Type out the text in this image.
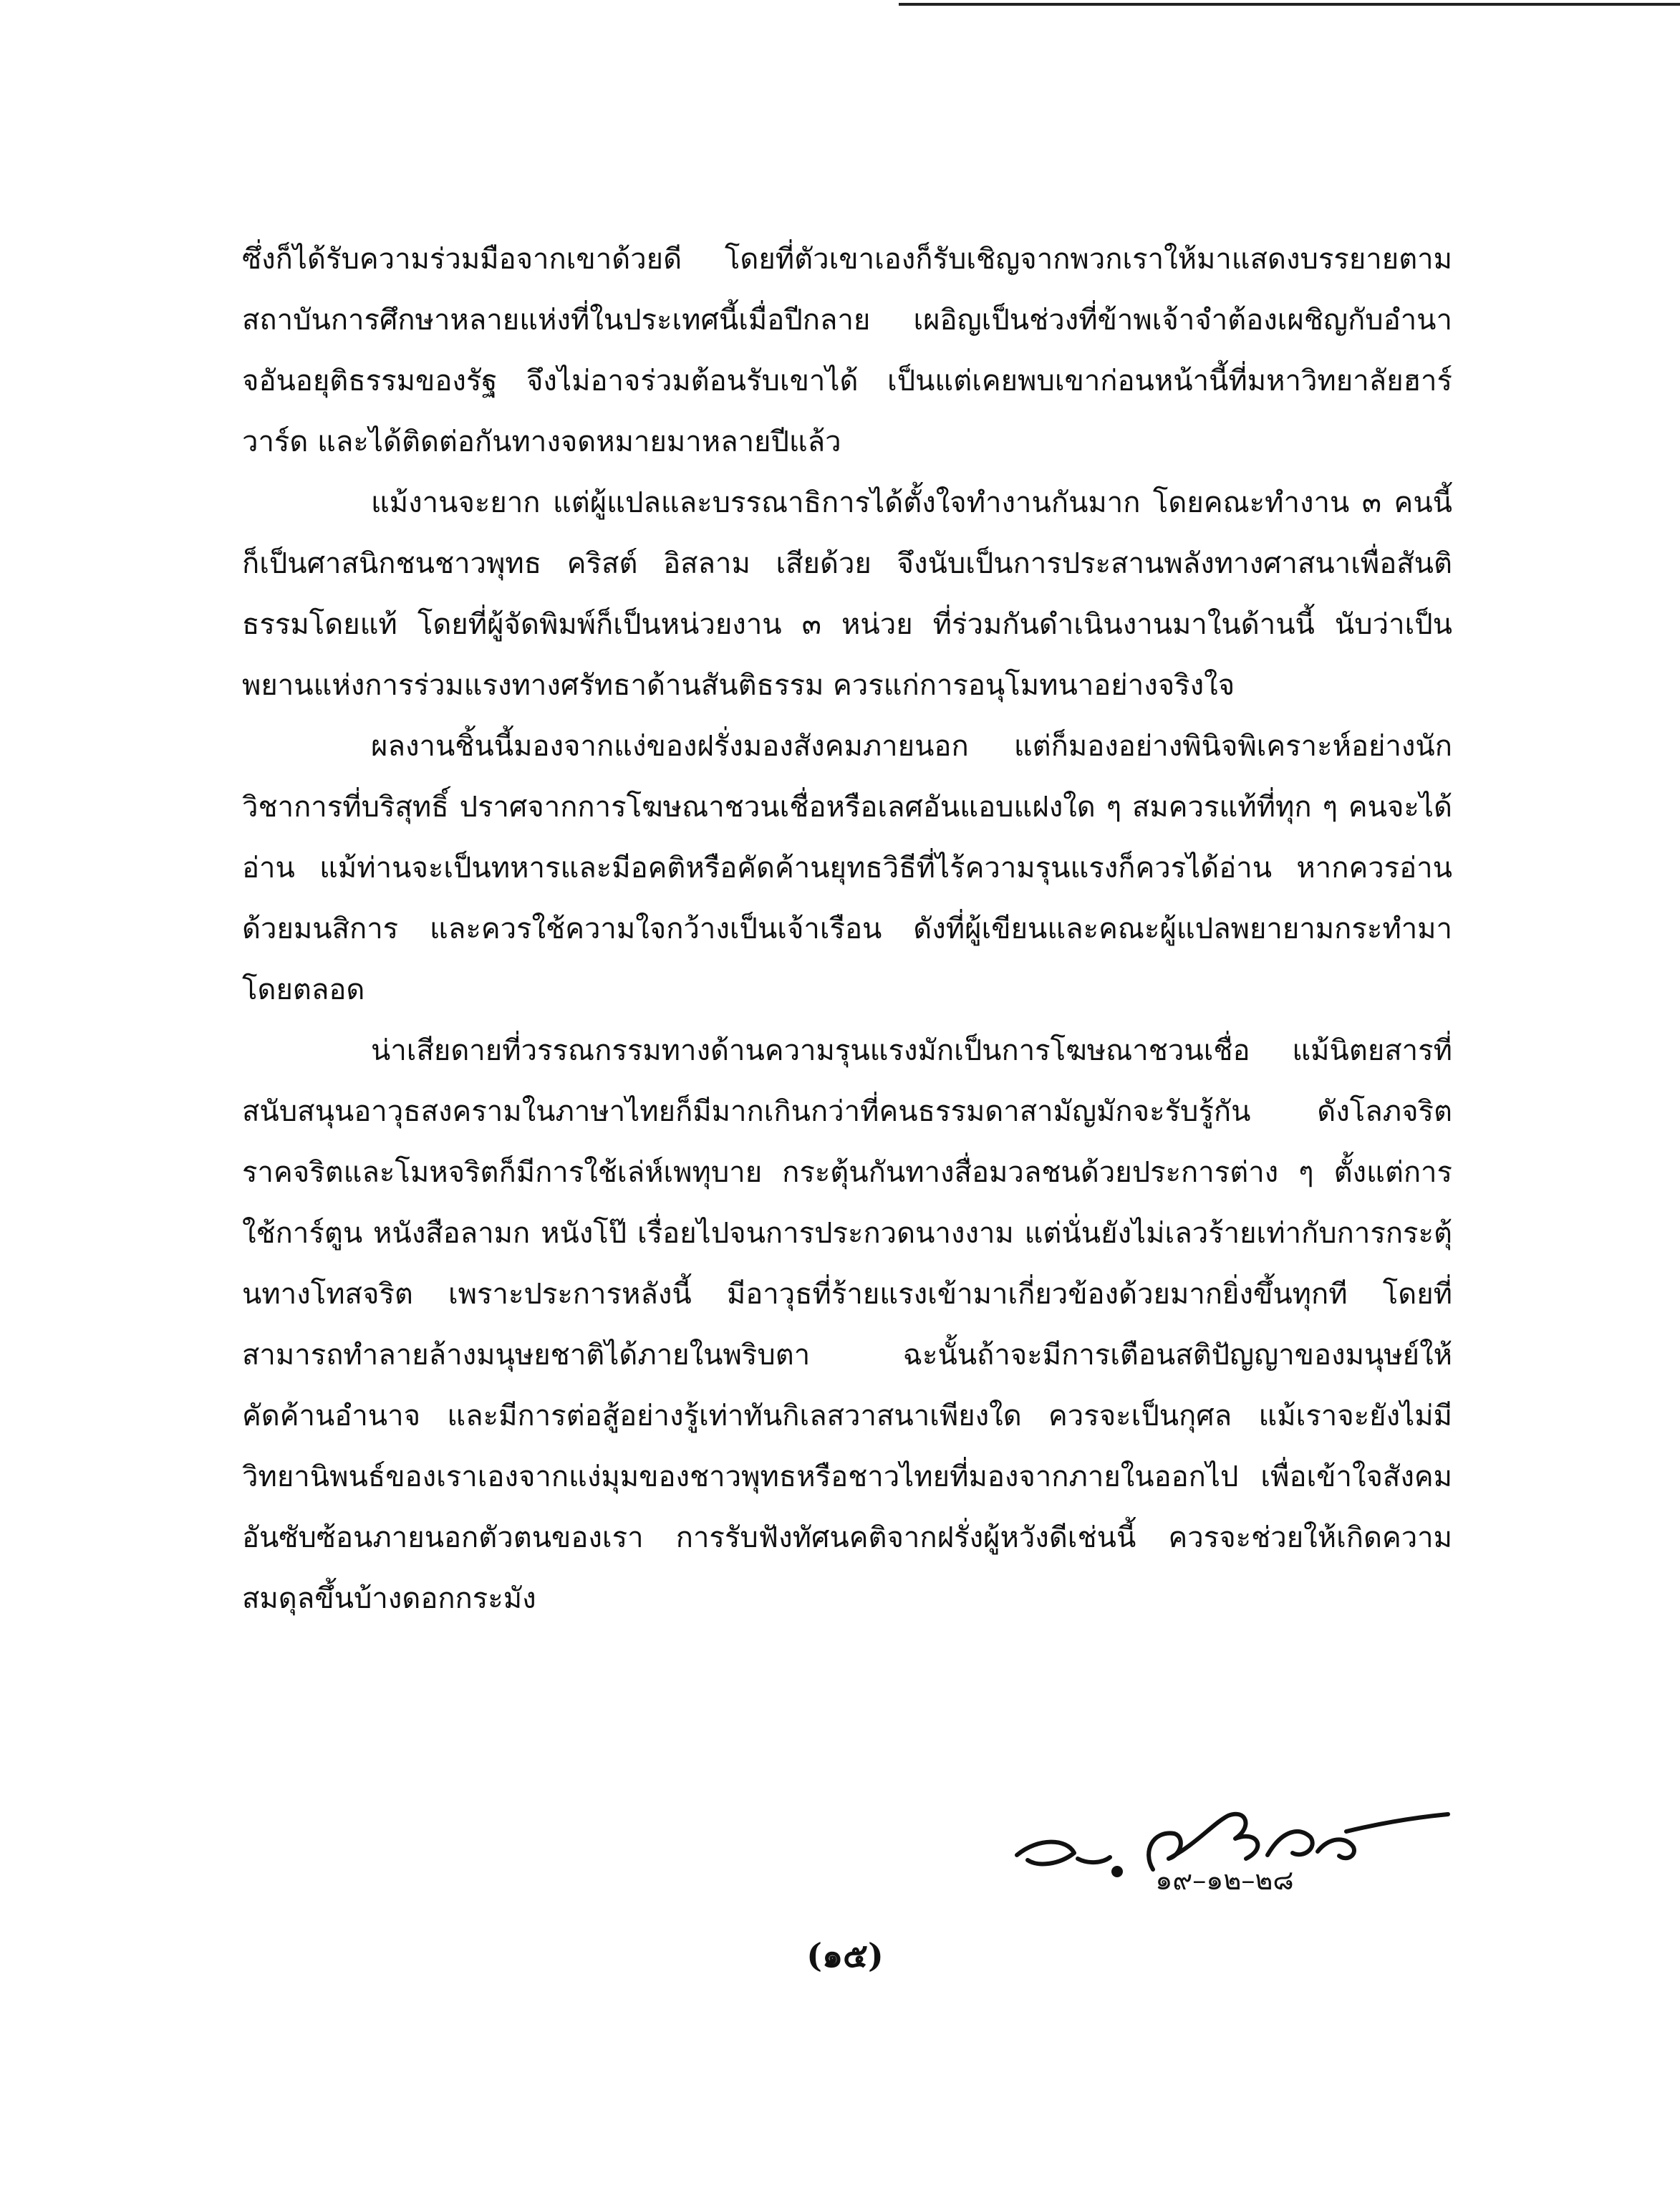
ซึ่งก็ได้รับความร่วมมือจากเขาด้วยดี โดยที่ตัวเขาเองก็รับเชิญจากพวกเราให้มาแสดงบรรยายตามสถาบันการศึกษาหลายแห่งที่ในประเทศนี้เมื่อปีกลาย เผอิญเป็นช่วงที่ข้าพเจ้าจำต้องเผชิญกับอำนาจอันอยุติธรรมของรัฐ จึงไม่อาจร่วมต้อนรับเขาได้ เป็นแต่เคยพบเขาก่อนหน้านี้ที่มหาวิทยาลัยฮาร์วาร์ด และได้ติดต่อกันทางจดหมายมาหลายปีแล้ว

แม้งานจะยาก แต่ผู้แปลและบรรณาธิการได้ตั้งใจทำงานกันมาก โดยคณะทำงาน ๓ คนนี้ ก็เป็นศาสนิกชนชาวพุทธ คริสต์ อิสลาม เสียด้วย จึงนับเป็นการประสานพลังทางศาสนาเพื่อสันติธรรมโดยแท้ โดยที่ผู้จัดพิมพ์ก็เป็นหน่วยงาน ๓ หน่วย ที่ร่วมกันดำเนินงานมาในด้านนี้ นับว่าเป็นพยานแห่งการร่วมแรงทางศรัทธาด้านสันติธรรม ควรแก่การอนุโมทนาอย่างจริงใจ

ผลงานชิ้นนี้มองจากแง่ของฝรั่งมองสังคมภายนอก แต่ก็มองอย่างพินิจพิเคราะห์อย่างนักวิชาการที่บริสุทธิ์ ปราศจากการโฆษณาชวนเชื่อหรือเลศอันแอบแฝงใด ๆ สมควรแท้ที่ทุก ๆ คนจะได้อ่าน แม้ท่านจะเป็นทหารและมีอคติหรือคัดค้านยุทธวิธีที่ไร้ความรุนแรงก็ควรได้อ่าน หากควรอ่านด้วยมนสิการ และควรใช้ความใจกว้างเป็นเจ้าเรือน ดังที่ผู้เขียนและคณะผู้แปลพยายามกระทำมาโดยตลอด

น่าเสียดายที่วรรณกรรมทางด้านความรุนแรงมักเป็นการโฆษณาชวนเชื่อ แม้นิตยสารที่สนับสนุนอาวุธสงครามในภาษาไทยก็มีมากเกินกว่าที่คนธรรมดาสามัญมักจะรับรู้กัน ดังโลภจริต ราคจริตและโมหจริตก็มีการใช้เล่ห์เพทุบาย กระตุ้นกันทางสื่อมวลชนด้วยประการต่าง ๆ ตั้งแต่การใช้การ์ตูน หนังสือลามก หนังโป๊ เรื่อยไปจนการประกวดนางงาม แต่นั่นยังไม่เลวร้ายเท่ากับการกระตุ้นทางโทสจริต เพราะประการหลังนี้ มีอาวุธที่ร้ายแรงเข้ามาเกี่ยวข้องด้วยมากยิ่งขึ้นทุกที โดยที่สามารถทำลายล้างมนุษยชาติได้ภายในพริบตา ฉะนั้นถ้าจะมีการเตือนสติปัญญาของมนุษย์ให้คัดค้านอำนาจ และมีการต่อสู้อย่างรู้เท่าทันกิเลสวาสนาเพียงใด ควรจะเป็นกุศล แม้เราจะยังไม่มีวิทยานิพนธ์ของเราเองจากแง่มุมของชาวพุทธหรือชาวไทยที่มองจากภายในออกไป เพื่อเข้าใจสังคมอันซับซ้อนภายนอกตัวตนของเรา การรับฟังทัศนคติจากฝรั่งผู้หวังดีเช่นนี้ ควรจะช่วยให้เกิดความสมดุลขึ้นบ้างดอกกระมัง

๑๙–๑๒–๒๘
(๑๕)
